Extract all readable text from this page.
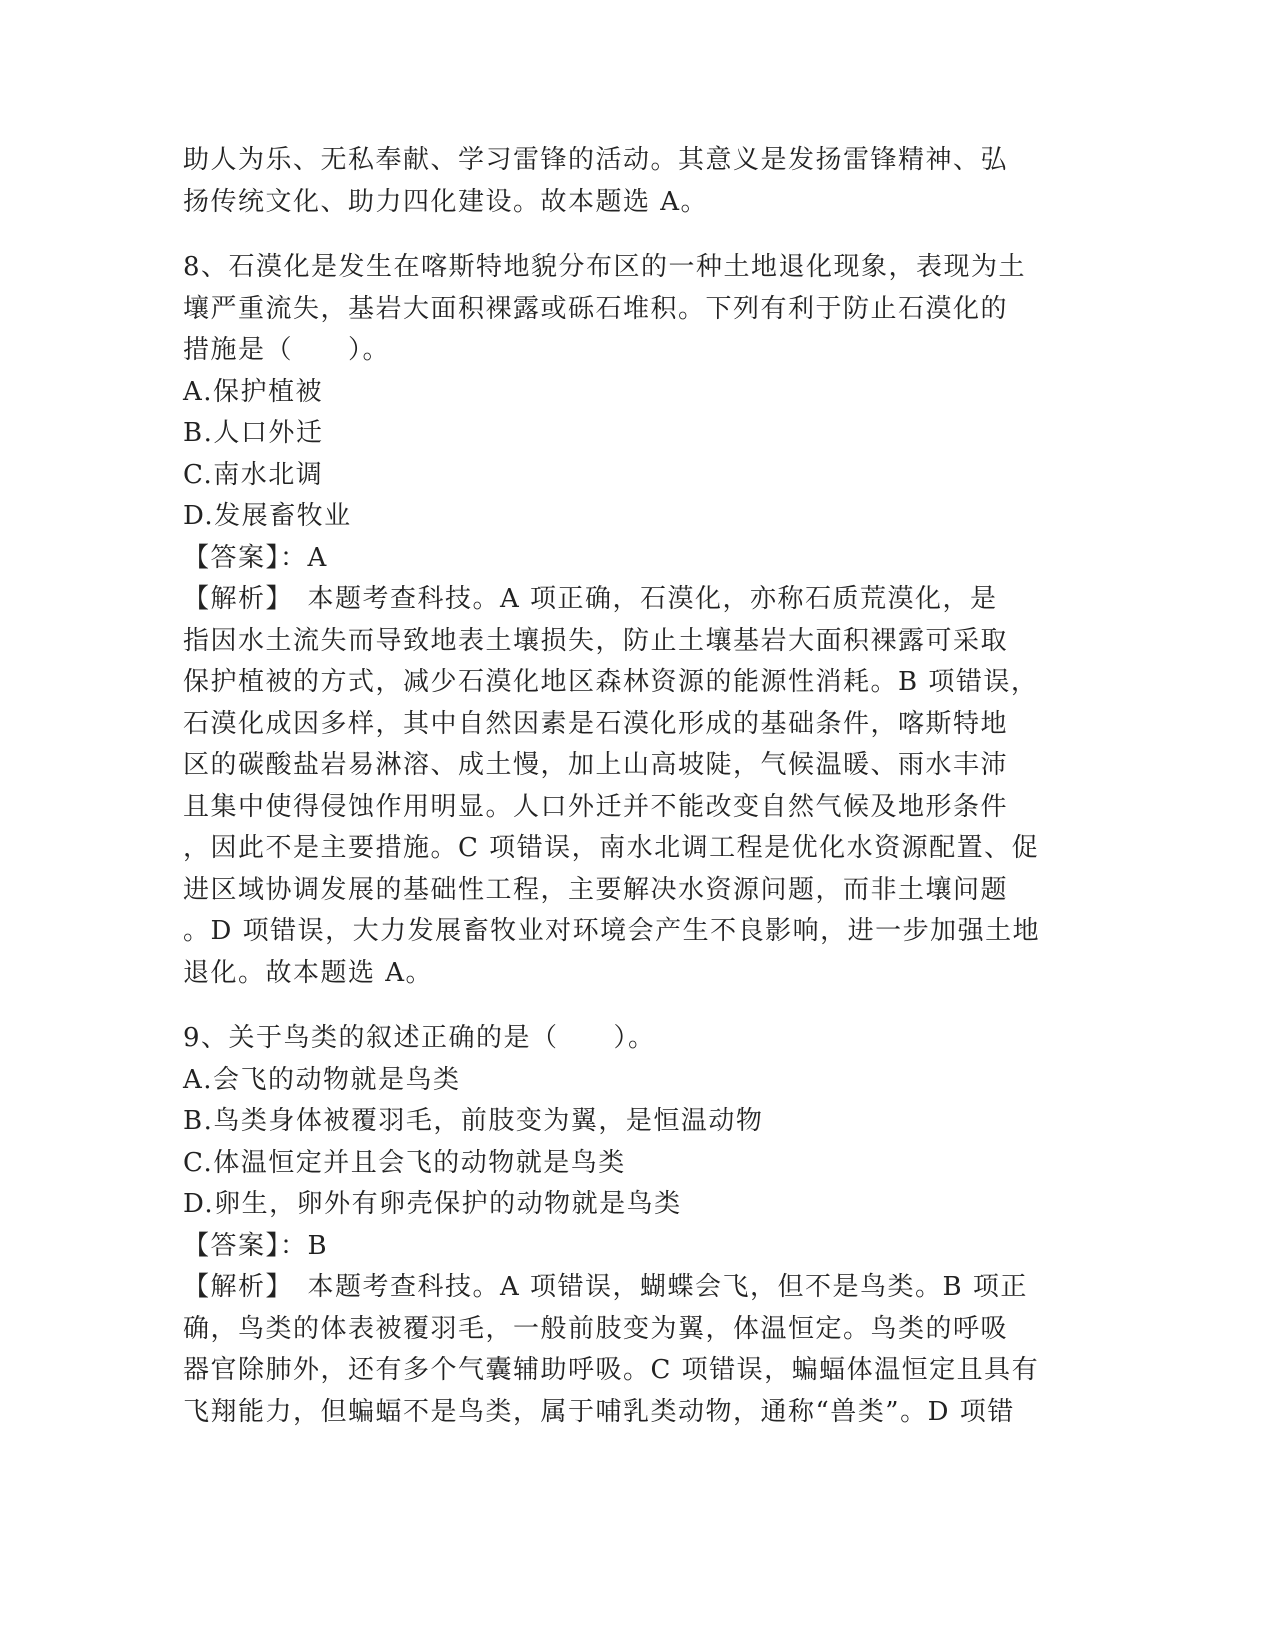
助人为乐、无私奉献、学习雷锋的活动。其意义是发扬雷锋精神、弘
扬传统文化、助力四化建设。故本题选 A。
8、石漠化是发生在喀斯特地貌分布区的一种土地退化现象，表现为土
壤严重流失，基岩大面积裸露或砾石堆积。下列有利于防止石漠化的
措施是（　　）。
A.保护植被
B.人口外迁
C.南水北调
D.发展畜牧业
【答案】：A
【解析】　本题考查科技。A 项正确，石漠化，亦称石质荒漠化，是
指因水土流失而导致地表土壤损失，防止土壤基岩大面积裸露可采取
保护植被的方式，减少石漠化地区森林资源的能源性消耗。B 项错误，
石漠化成因多样，其中自然因素是石漠化形成的基础条件，喀斯特地
区的碳酸盐岩易淋溶、成土慢，加上山高坡陡，气候温暖、雨水丰沛
且集中使得侵蚀作用明显。人口外迁并不能改变自然气候及地形条件
，因此不是主要措施。C 项错误，南水北调工程是优化水资源配置、促
进区域协调发展的基础性工程，主要解决水资源问题，而非土壤问题
。D 项错误，大力发展畜牧业对环境会产生不良影响，进一步加强土地
退化。故本题选 A。
9、关于鸟类的叙述正确的是（　　）。
A.会飞的动物就是鸟类
B.鸟类身体被覆羽毛，前肢变为翼，是恒温动物
C.体温恒定并且会飞的动物就是鸟类
D.卵生，卵外有卵壳保护的动物就是鸟类
【答案】：B
【解析】　本题考查科技。A 项错误，蝴蝶会飞，但不是鸟类。B 项正
确，鸟类的体表被覆羽毛，一般前肢变为翼，体温恒定。鸟类的呼吸
器官除肺外，还有多个气囊辅助呼吸。C 项错误，蝙蝠体温恒定且具有
飞翔能力，但蝙蝠不是鸟类，属于哺乳类动物，通称“兽类”。D 项错
